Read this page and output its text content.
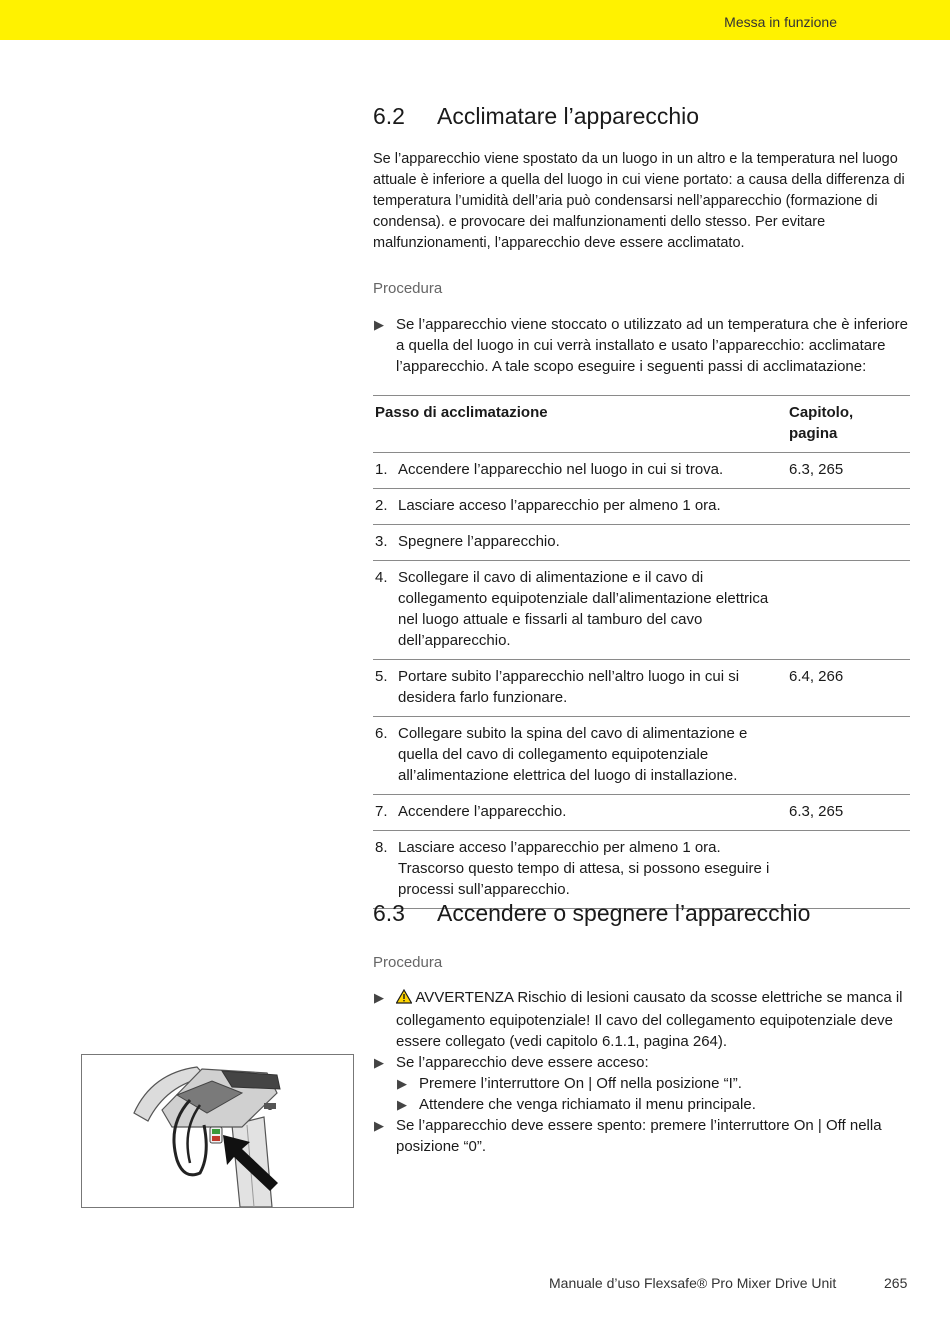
Messa in funzione
6.2	Acclimatare l’apparecchio
Se l’apparecchio viene spostato da un luogo in un altro e la temperatura nel luogo attuale è inferiore a quella del luogo in cui viene portato: a causa della differenza di temperatura l’umidità dell’aria può condensarsi nell’apparecchio (formazione di condensa). e provocare dei malfunzionamenti dello stesso. Per evitare malfunzionamenti, l’apparecchio deve essere acclimatato.
Procedura
▶ Se l’apparecchio viene stoccato o utilizzato ad un temperatura che è inferiore a quella del luogo in cui verrà installato e usato l’apparecchio: acclimatare l’apparecchio. A tale scopo eseguire i seguenti passi di acclimatazione:
Passo di acclimatazione	Capitolo, pagina

1. Accendere l’apparecchio nel luogo in cui si trova.	6.3, 265

2. Lasciare acceso l’apparecchio per almeno 1 ora.	

3. Spegnere l’apparecchio.	

4. Scollegare il cavo di alimentazione e il cavo di collegamento equipotenziale dall’alimentazione elettrica nel luogo attuale e fissarli al tamburo del cavo dell’apparecchio.	

5. Portare subito l’apparecchio nell’altro luogo in cui si desidera farlo funzionare.	6.4, 266

6. Collegare subito la spina del cavo di alimentazione e quella del cavo di collegamento equipotenziale all’alimentazione elettrica del luogo di installazione.	

7. Accendere l’apparecchio.	6.3, 265

8. Lasciare acceso l’apparecchio per almeno 1 ora. Trascorso questo tempo di attesa, si possono eseguire i processi sull’apparecchio.	

6.3	Accendere o spegnere l’apparecchio
Procedura
▶ AVVERTENZA Rischio di lesioni causato da scosse elettriche se manca il collegamento equipotenziale! Il cavo del collegamento equipotenziale deve essere collegato (vedi capitolo 6.1.1, pagina 264).
▶ Se l’apparecchio deve essere acceso:
▶ Premere l’interruttore On | Off nella posizione “I”.
▶ Attendere che venga richiamato il menu principale.
▶ Se l’apparecchio deve essere spento: premere l’interruttore On | Off nella posizione “0”.
Manuale d’uso Flexsafe® Pro Mixer Drive Unit	265
